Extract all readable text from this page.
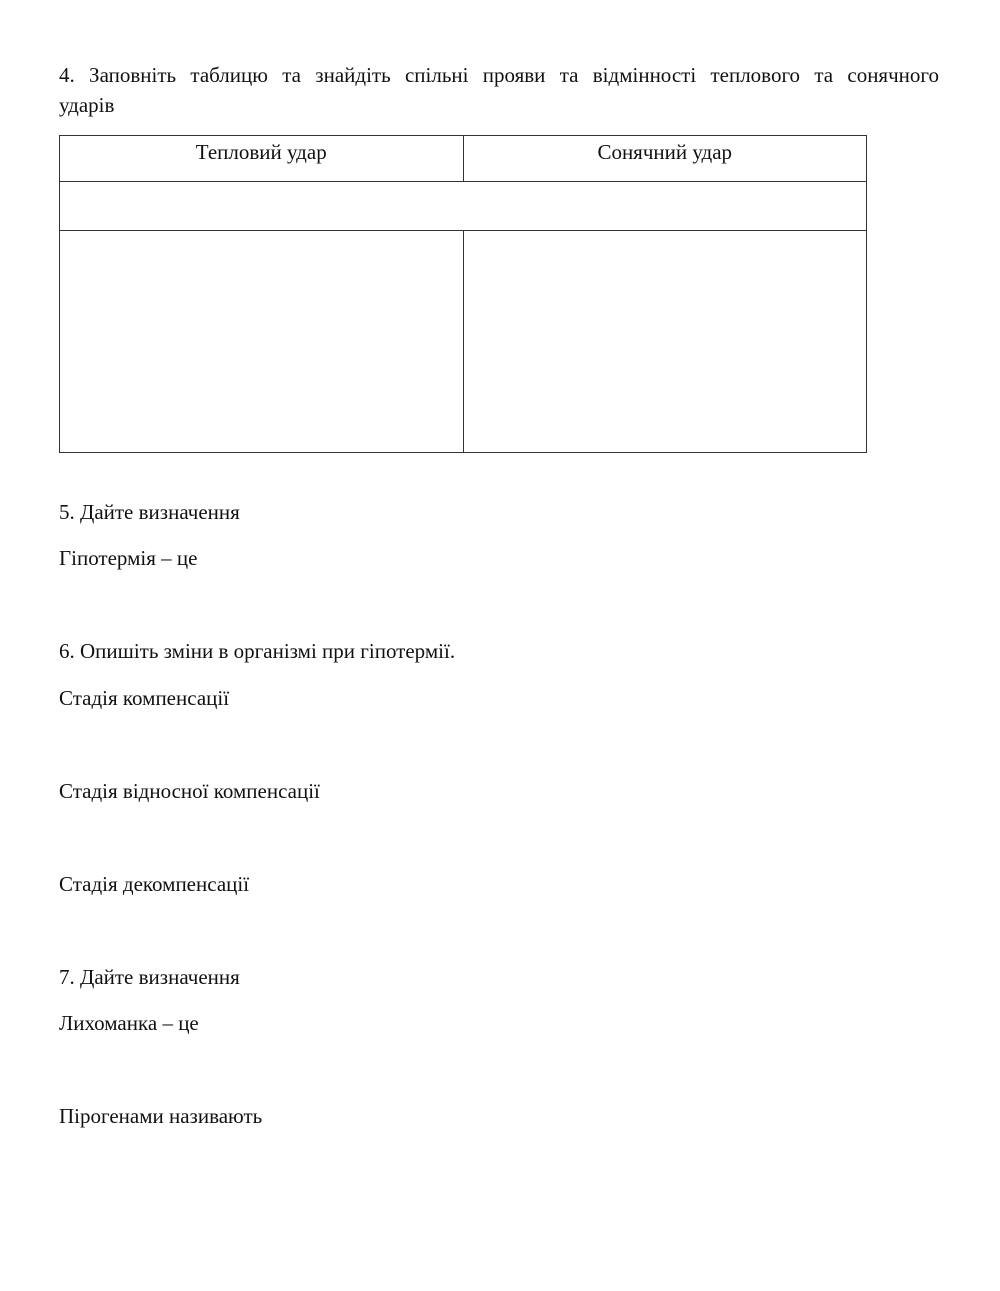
4. Заповніть таблицю та знайдіть спільні прояви та відмінності теплового та сонячного
ударів
Тепловий удар	Сонячний удар

5. Дайте визначення
Гіпотермія – це
6. Опишіть зміни в організмі при гіпотермії.
Стадія компенсації
Стадія відносної компенсації
Стадія декомпенсації
7. Дайте визначення
Лихоманка – це
Пірогенами називають
